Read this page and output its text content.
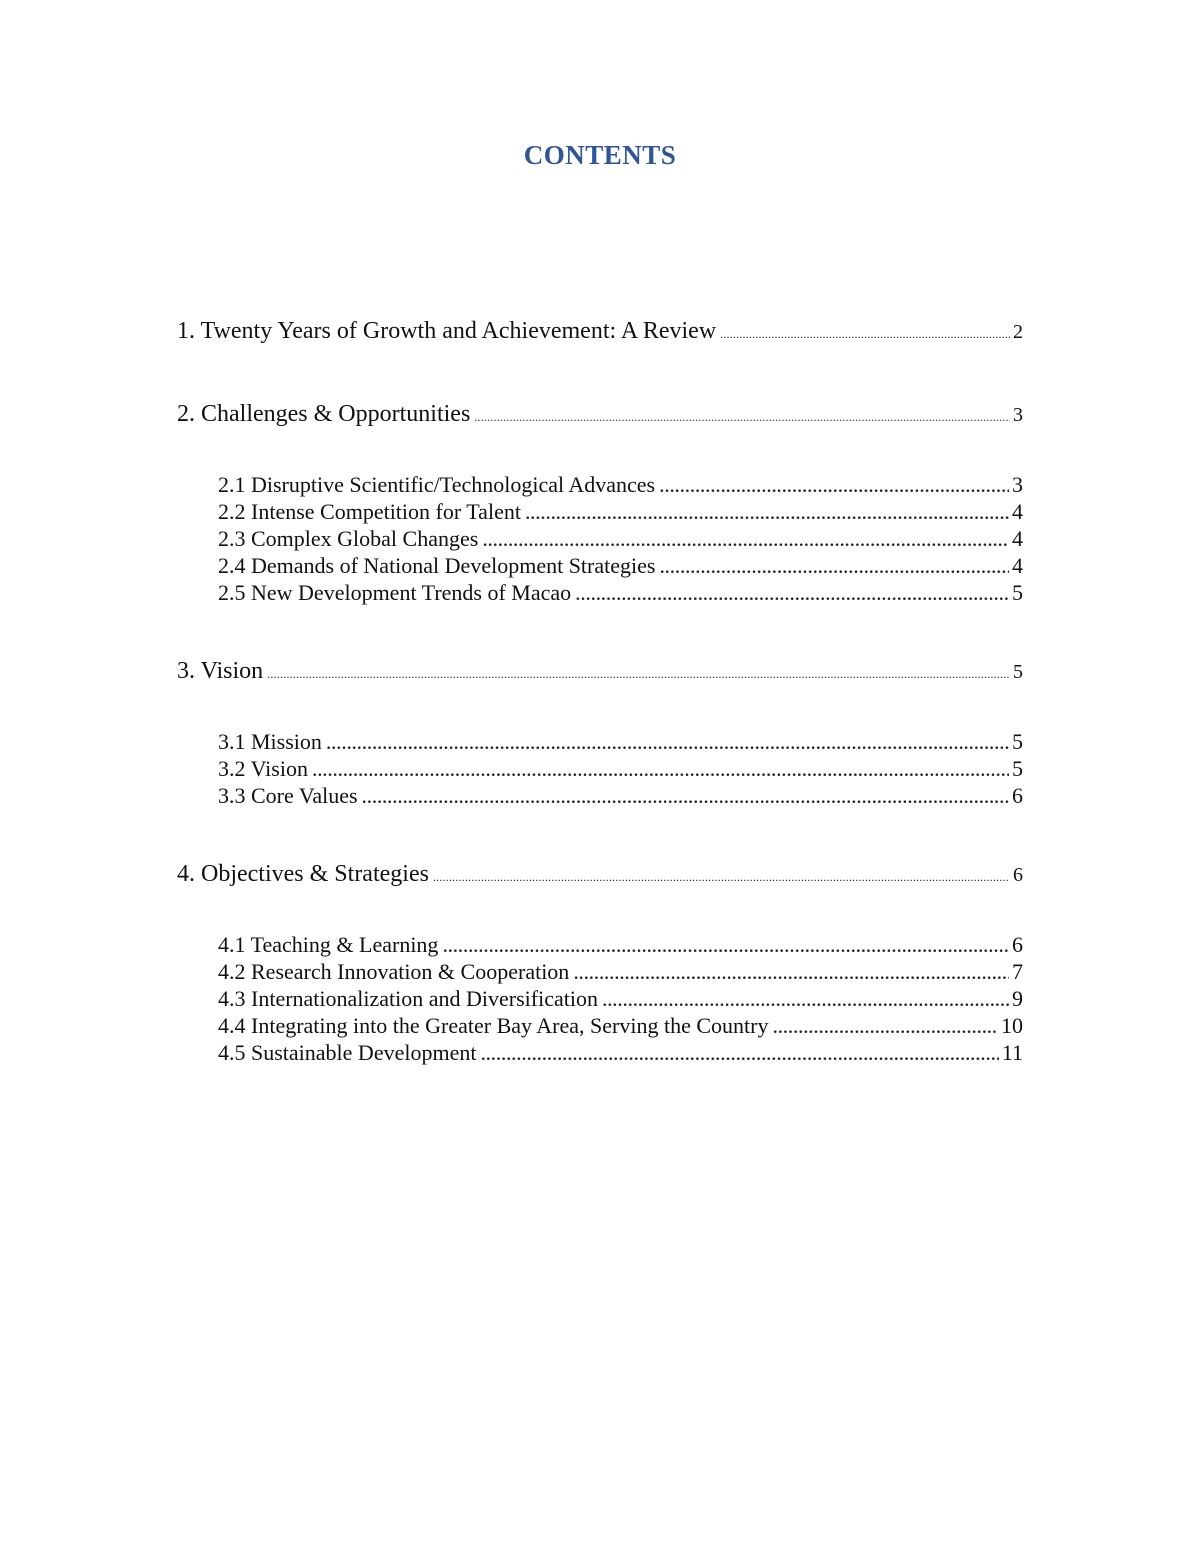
CONTENTS
1. Twenty Years of Growth and Achievement: A Review .....	2
2. Challenges & Opportunities .....	3
2.1 Disruptive Scientific/Technological Advances .....	3
2.2 Intense Competition for Talent .....	4
2.3 Complex Global Changes .....	4
2.4 Demands of National Development Strategies .....	4
2.5 New Development Trends of Macao .....	5
3. Vision .....	5
3.1 Mission .....	5
3.2 Vision .....	5
3.3 Core Values .....	6
4. Objectives & Strategies .....	6
4.1 Teaching & Learning .....	6
4.2 Research Innovation & Cooperation .....	7
4.3 Internationalization and Diversification .....	9
4.4 Integrating into the Greater Bay Area, Serving the Country .....	10
4.5 Sustainable Development .....	11
